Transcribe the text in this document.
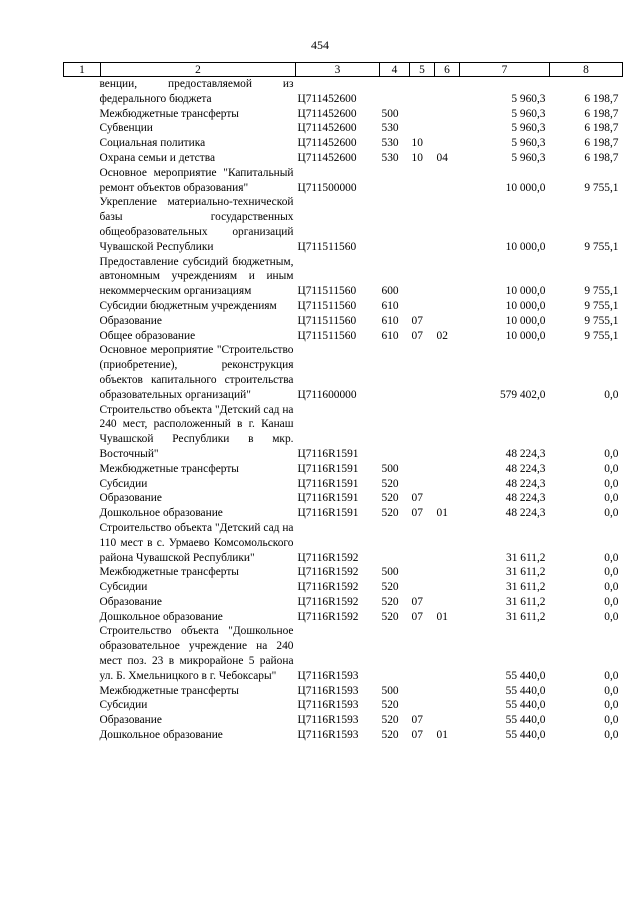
454
1	2	3	4	5	6	7	8
венции, предоставляемой из федерального бюджета		Ц711452600				5 960,3	6 198,7
Межбюджетные трансферты		Ц711452600	500			5 960,3	6 198,7
Субвенции		Ц711452600	530			5 960,3	6 198,7
Социальная политика		Ц711452600	530	10		5 960,3	6 198,7
Охрана семьи и детства		Ц711452600	530	10	04	5 960,3	6 198,7
Основное мероприятие "Капитальный ремонт объектов образования"		Ц711500000				10 000,0	9 755,1
Укрепление материально-технической базы государственных общеобразовательных организаций Чувашской Республики		Ц711511560				10 000,0	9 755,1
Предоставление субсидий бюджетным, автономным учреждениям и иным некоммерческим организациям		Ц711511560	600			10 000,0	9 755,1
Субсидии бюджетным учреждениям		Ц711511560	610			10 000,0	9 755,1
Образование		Ц711511560	610	07		10 000,0	9 755,1
Общее образование		Ц711511560	610	07	02	10 000,0	9 755,1
Основное мероприятие "Строительство (приобретение), реконструкция объектов капитального строительства образовательных организаций"		Ц711600000				579 402,0	0,0
Строительство объекта "Детский сад на 240 мест, расположенный в г. Канаш Чувашской Республики в мкр. Восточный"		Ц7116R1591				48 224,3	0,0
Межбюджетные трансферты		Ц7116R1591	500			48 224,3	0,0
Субсидии		Ц7116R1591	520			48 224,3	0,0
Образование		Ц7116R1591	520	07		48 224,3	0,0
Дошкольное образование		Ц7116R1591	520	07	01	48 224,3	0,0
Строительство объекта "Детский сад на 110 мест в с. Урмаево Комсомольского района Чувашской Республики"		Ц7116R1592				31 611,2	0,0
Межбюджетные трансферты		Ц7116R1592	500			31 611,2	0,0
Субсидии		Ц7116R1592	520			31 611,2	0,0
Образование		Ц7116R1592	520	07		31 611,2	0,0
Дошкольное образование		Ц7116R1592	520	07	01	31 611,2	0,0
Строительство объекта "Дошкольное образовательное учреждение на 240 мест поз. 23 в микрорайоне 5 района ул. Б. Хмельницкого в г. Чебоксары"		Ц7116R1593				55 440,0	0,0
Межбюджетные трансферты		Ц7116R1593	500			55 440,0	0,0
Субсидии		Ц7116R1593	520			55 440,0	0,0
Образование		Ц7116R1593	520	07		55 440,0	0,0
Дошкольное образование		Ц7116R1593	520	07	01	55 440,0	0,0
